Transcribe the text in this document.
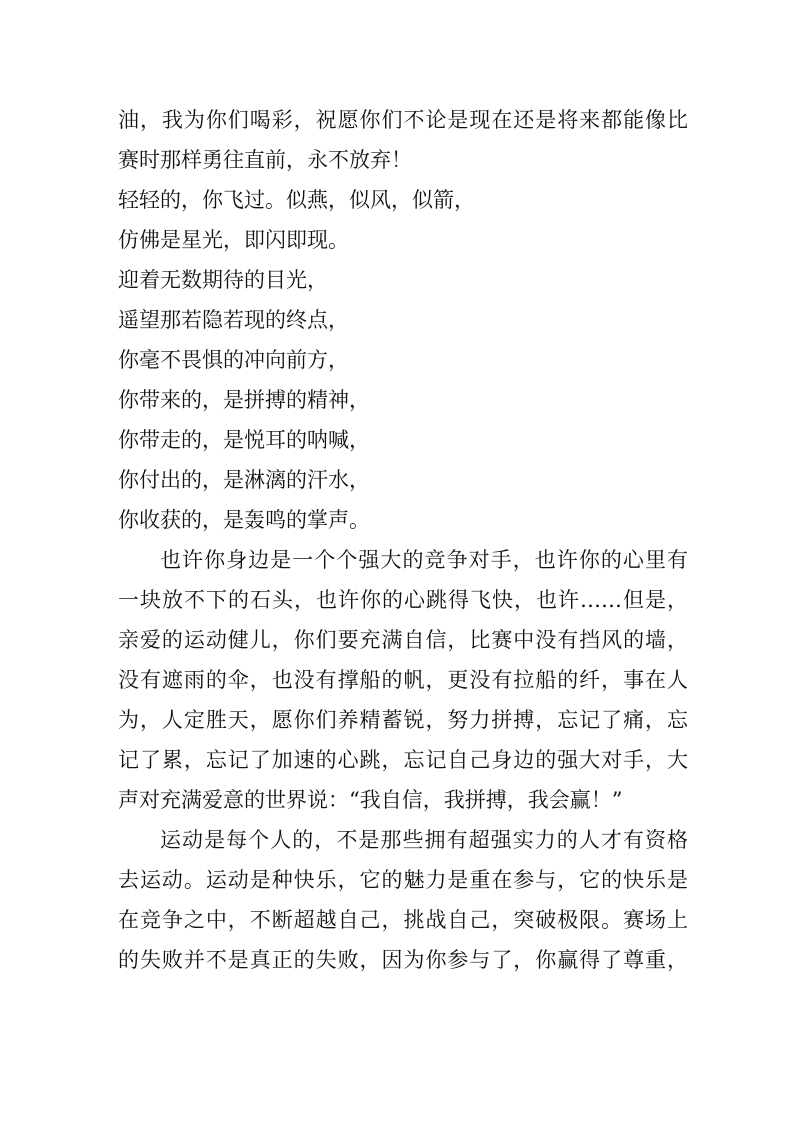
油，我为你们喝彩，祝愿你们不论是现在还是将来都能像比
赛时那样勇往直前，永不放弃！
轻轻的，你飞过。似燕，似风，似箭，
仿佛是星光，即闪即现。
迎着无数期待的目光，
遥望那若隐若现的终点，
你毫不畏惧的冲向前方，
你带来的，是拼搏的精神，
你带走的，是悦耳的呐喊，
你付出的，是淋漓的汗水，
你收获的，是轰鸣的掌声。
也许你身边是一个个强大的竞争对手，也许你的心里有
一块放不下的石头，也许你的心跳得飞快，也许……但是，
亲爱的运动健儿，你们要充满自信，比赛中没有挡风的墙，
没有遮雨的伞，也没有撑船的帆，更没有拉船的纤，事在人
为，人定胜天，愿你们养精蓄锐，努力拼搏，忘记了痛，忘
记了累，忘记了加速的心跳，忘记自己身边的强大对手，大
声对充满爱意的世界说：“我自信，我拼搏，我会赢！”
运动是每个人的，不是那些拥有超强实力的人才有资格
去运动。运动是种快乐，它的魅力是重在参与，它的快乐是
在竞争之中，不断超越自己，挑战自己，突破极限。赛场上
的失败并不是真正的失败，因为你参与了，你赢得了尊重，
